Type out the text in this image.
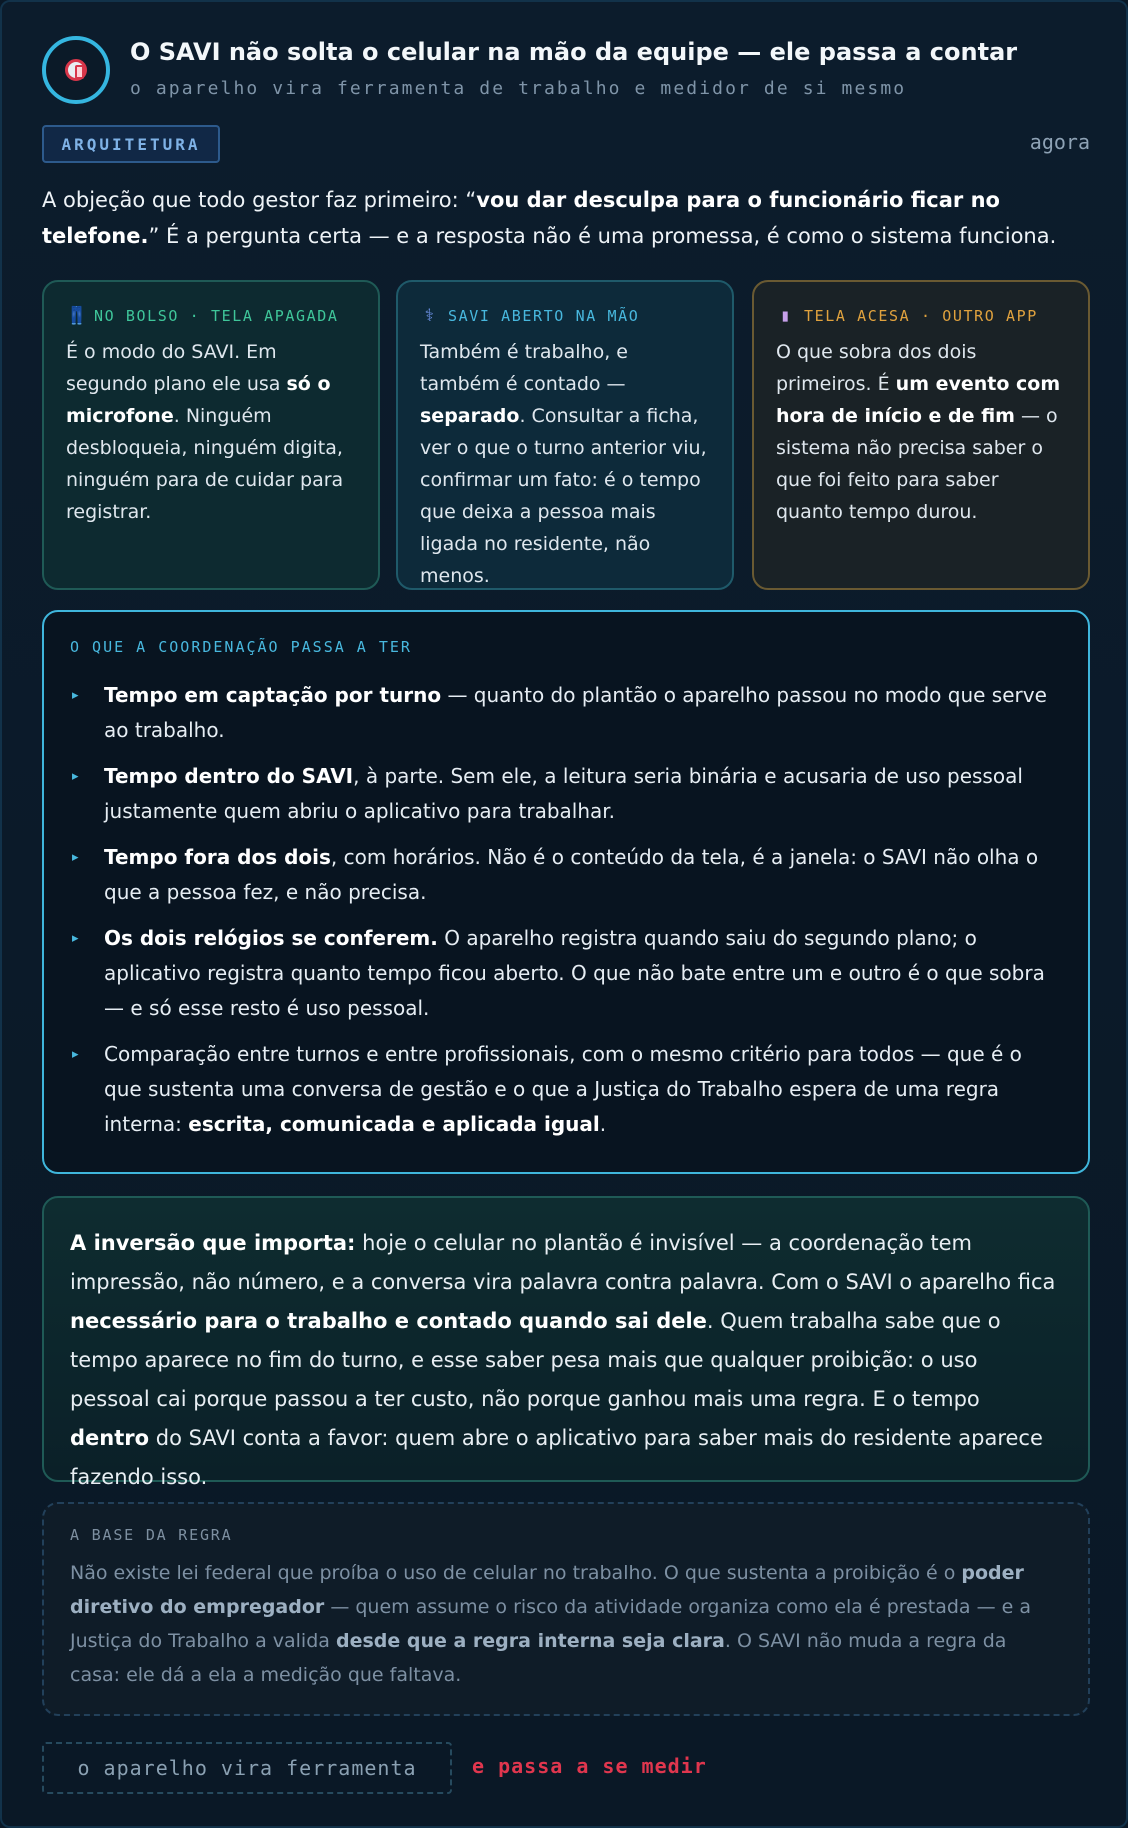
O SAVI não solta o celular na mão da equipe — ele passa a contar
o aparelho vira ferramenta de trabalho e medidor de si mesmo
ARQUITETURA	agora
A objeção que todo gestor faz primeiro: “vou dar desculpa para o funcionário ficar no telefone.” É a pergunta certa — e a resposta não é uma promessa, é como o sistema funciona.
👖 NO BOLSO · TELA APAGADA
É o modo do SAVI. Em segundo plano ele usa só o microfone. Ninguém desbloqueia, ninguém digita, ninguém para de cuidar para registrar.
⚕ SAVI ABERTO NA MÃO
Também é trabalho, e também é contado — separado. Consultar a ficha, ver o que o turno anterior viu, confirmar um fato: é o tempo que deixa a pessoa mais ligada no residente, não menos.
▮ TELA ACESA · OUTRO APP
O que sobra dos dois primeiros. É um evento com hora de início e de fim — o sistema não precisa saber o que foi feito para saber quanto tempo durou.
O QUE A COORDENAÇÃO PASSA A TER
▸ Tempo em captação por turno — quanto do plantão o aparelho passou no modo que serve ao trabalho.
▸ Tempo dentro do SAVI, à parte. Sem ele, a leitura seria binária e acusaria de uso pessoal justamente quem abriu o aplicativo para trabalhar.
▸ Tempo fora dos dois, com horários. Não é o conteúdo da tela, é a janela: o SAVI não olha o que a pessoa fez, e não precisa.
▸ Os dois relógios se conferem. O aparelho registra quando saiu do segundo plano; o aplicativo registra quanto tempo ficou aberto. O que não bate entre um e outro é o que sobra — e só esse resto é uso pessoal.
▸ Comparação entre turnos e entre profissionais, com o mesmo critério para todos — que é o que sustenta uma conversa de gestão e o que a Justiça do Trabalho espera de uma regra interna: escrita, comunicada e aplicada igual.
A inversão que importa: hoje o celular no plantão é invisível — a coordenação tem impressão, não número, e a conversa vira palavra contra palavra. Com o SAVI o aparelho fica necessário para o trabalho e contado quando sai dele. Quem trabalha sabe que o tempo aparece no fim do turno, e esse saber pesa mais que qualquer proibição: o uso pessoal cai porque passou a ter custo, não porque ganhou mais uma regra. E o tempo dentro do SAVI conta a favor: quem abre o aplicativo para saber mais do residente aparece fazendo isso.
A BASE DA REGRA
Não existe lei federal que proíba o uso de celular no trabalho. O que sustenta a proibição é o poder diretivo do empregador — quem assume o risco da atividade organiza como ela é prestada — e a Justiça do Trabalho a valida desde que a regra interna seja clara. O SAVI não muda a regra da casa: ele dá a ela a medição que faltava.
o aparelho vira ferramenta	e passa a se medir
